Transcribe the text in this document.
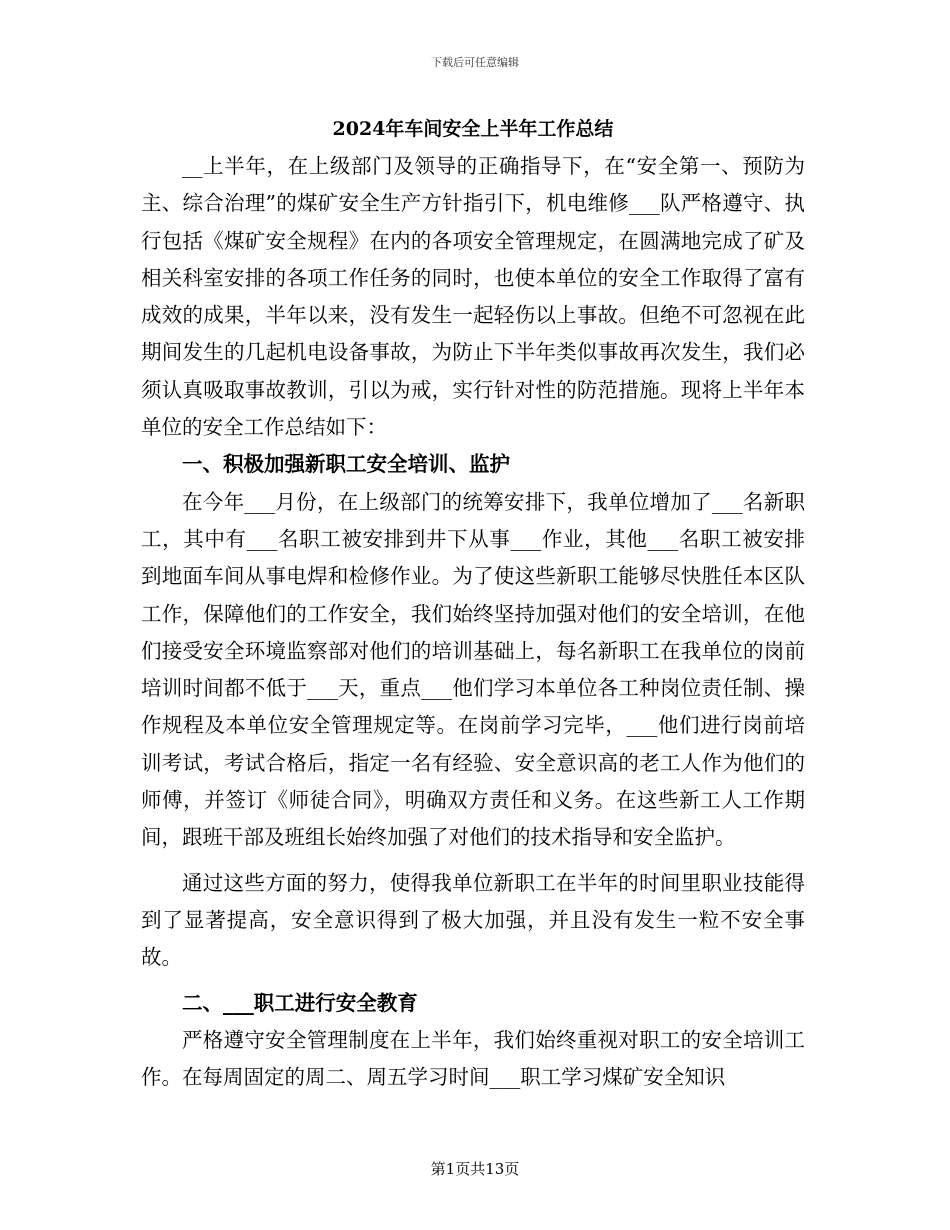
下载后可任意编辑
2024年车间安全上半年工作总结

__上半年，在上级部门及领导的正确指导下，在“安全第一、预防为主、综合治理”的煤矿安全生产方针指引下，机电维修___队严格遵守、执行包括《煤矿安全规程》在内的各项安全管理规定，在圆满地完成了矿及相关科室安排的各项工作任务的同时，也使本单位的安全工作取得了富有成效的成果，半年以来，没有发生一起轻伤以上事故。但绝不可忽视在此期间发生的几起机电设备事故，为防止下半年类似事故再次发生，我们必须认真吸取事故教训，引以为戒，实行针对性的防范措施。现将上半年本单位的安全工作总结如下：

一、积极加强新职工安全培训、监护

在今年___月份，在上级部门的统筹安排下，我单位增加了___名新职工，其中有___名职工被安排到井下从事___作业，其他___名职工被安排到地面车间从事电焊和检修作业。为了使这些新职工能够尽快胜任本区队工作，保障他们的工作安全，我们始终坚持加强对他们的安全培训，在他们接受安全环境监察部对他们的培训基础上，每名新职工在我单位的岗前培训时间都不低于___天，重点___他们学习本单位各工种岗位责任制、操作规程及本单位安全管理规定等。在岗前学习完毕，___他们进行岗前培训考试，考试合格后，指定一名有经验、安全意识高的老工人作为他们的师傅，并签订《师徒合同》，明确双方责任和义务。在这些新工人工作期间，跟班干部及班组长始终加强了对他们的技术指导和安全监护。

通过这些方面的努力，使得我单位新职工在半年的时间里职业技能得到了显著提高，安全意识得到了极大加强，并且没有发生一粒不安全事故。

二、___职工进行安全教育

严格遵守安全管理制度在上半年，我们始终重视对职工的安全培训工作。在每周固定的周二、周五学习时间___职工学习煤矿安全知识

第1页共13页
